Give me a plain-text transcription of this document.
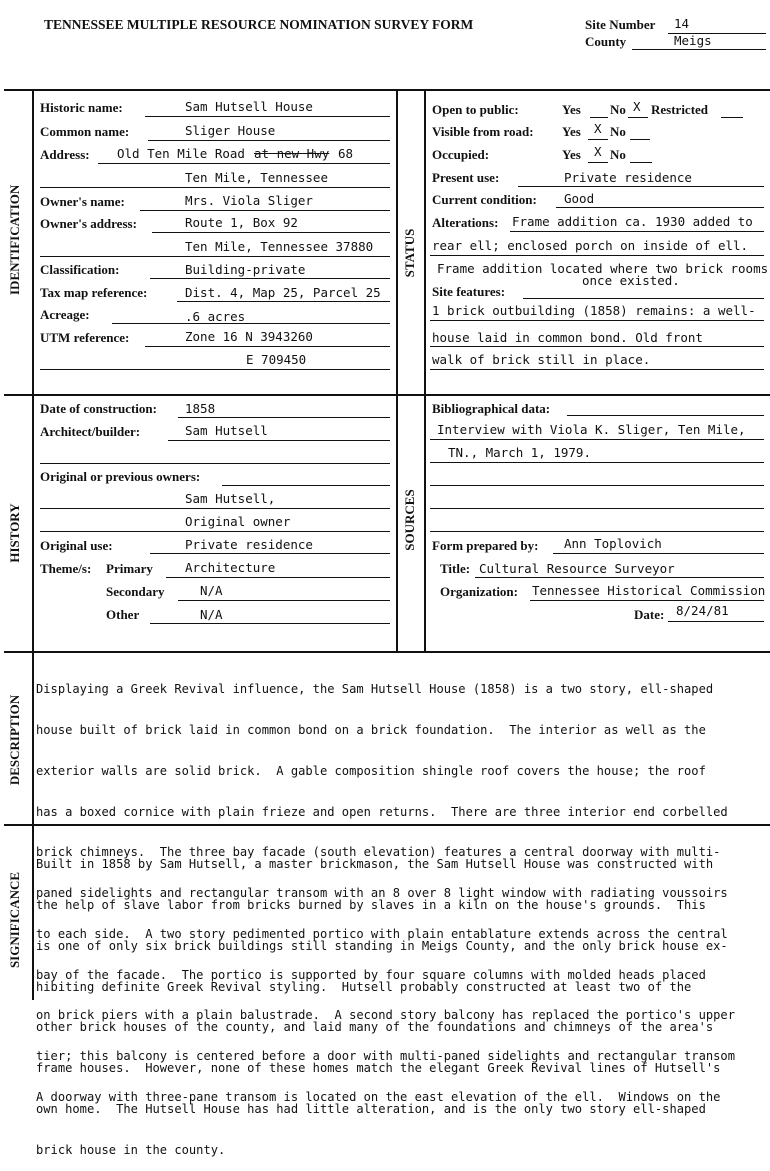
TENNESSEE MULTIPLE RESOURCE NOMINATION SURVEY FORM	Site Number 14
County	Meigs
IDENTIFICATION	STATUS
HISTORY	SOURCES
DESCRIPTION
SIGNIFICANCE
Historic name:	Sam Hutsell House
Common name:	Sliger House
Address: Old Ten Mile Road at new Hwy 68
Ten Mile, Tennessee
Owner's name:	Mrs. Viola Sliger
Owner's address:	Route 1, Box 92
Ten Mile, Tennessee 37880
Classification:	Building-private
Tax map reference:	Dist. 4, Map 25, Parcel 25
Acreage:	.6 acres
UTM reference:	Zone 16 N 3943260
E 709450
Open to public:	Yes No X Restricted
Visible from road: Yes X No
Occupied:	Yes X No
Present use:	Private residence
Current condition: Good
Alterations: Frame addition ca. 1930 added to
rear ell; enclosed porch on inside of ell.
Frame addition located where two brick rooms
once existed.
Site features:
1 brick outbuilding (1858) remains: a well-
house laid in common bond. Old front
walk of brick still in place.
Date of construction: 1858
Architect/builder:	Sam Hutsell
Original or previous owners:
Sam Hutsell,
Original owner
Original use:	Private residence
Theme/s: Primary	Architecture
Secondary	N/A
Other	N/A
Bibliographical data:
Interview with Viola K. Sliger, Ten Mile,
TN., March 1, 1979.
Form prepared by: Ann Toplovich
Title: Cultural Resource Surveyor
Organization: Tennessee Historical Commission
Date: 8/24/81

Displaying a Greek Revival influence, the Sam Hutsell House (1858) is a two story, ell-shaped

house built of brick laid in common bond on a brick foundation.  The interior as well as the

exterior walls are solid brick.  A gable composition shingle roof covers the house; the roof

has a boxed cornice with plain frieze and open returns.  There are three interior end corbelled

brick chimneys.  The three bay facade (south elevation) features a central doorway with multi-

paned sidelights and rectangular transom with an 8 over 8 light window with radiating voussoirs

to each side.  A two story pedimented portico with plain entablature extends across the central

bay of the facade.  The portico is supported by four square columns with molded heads placed

on brick piers with a plain balustrade.  A second story balcony has replaced the portico's upper

tier; this balcony is centered before a door with multi-paned sidelights and rectangular transom

A doorway with three-pane transom is located on the east elevation of the ell.  Windows on the

Built in 1858 by Sam Hutsell, a master brickmason, the Sam Hutsell House was constructed with

the help of slave labor from bricks burned by slaves in a kiln on the house's grounds.  This

is one of only six brick buildings still standing in Meigs County, and the only brick house ex-

hibiting definite Greek Revival styling.  Hutsell probably constructed at least two of the

other brick houses of the county, and laid many of the foundations and chimneys of the area's

frame houses.  However, none of these homes match the elegant Greek Revival lines of Hutsell's

own home.  The Hutsell House has had little alteration, and is the only two story ell-shaped

brick house in the county.
